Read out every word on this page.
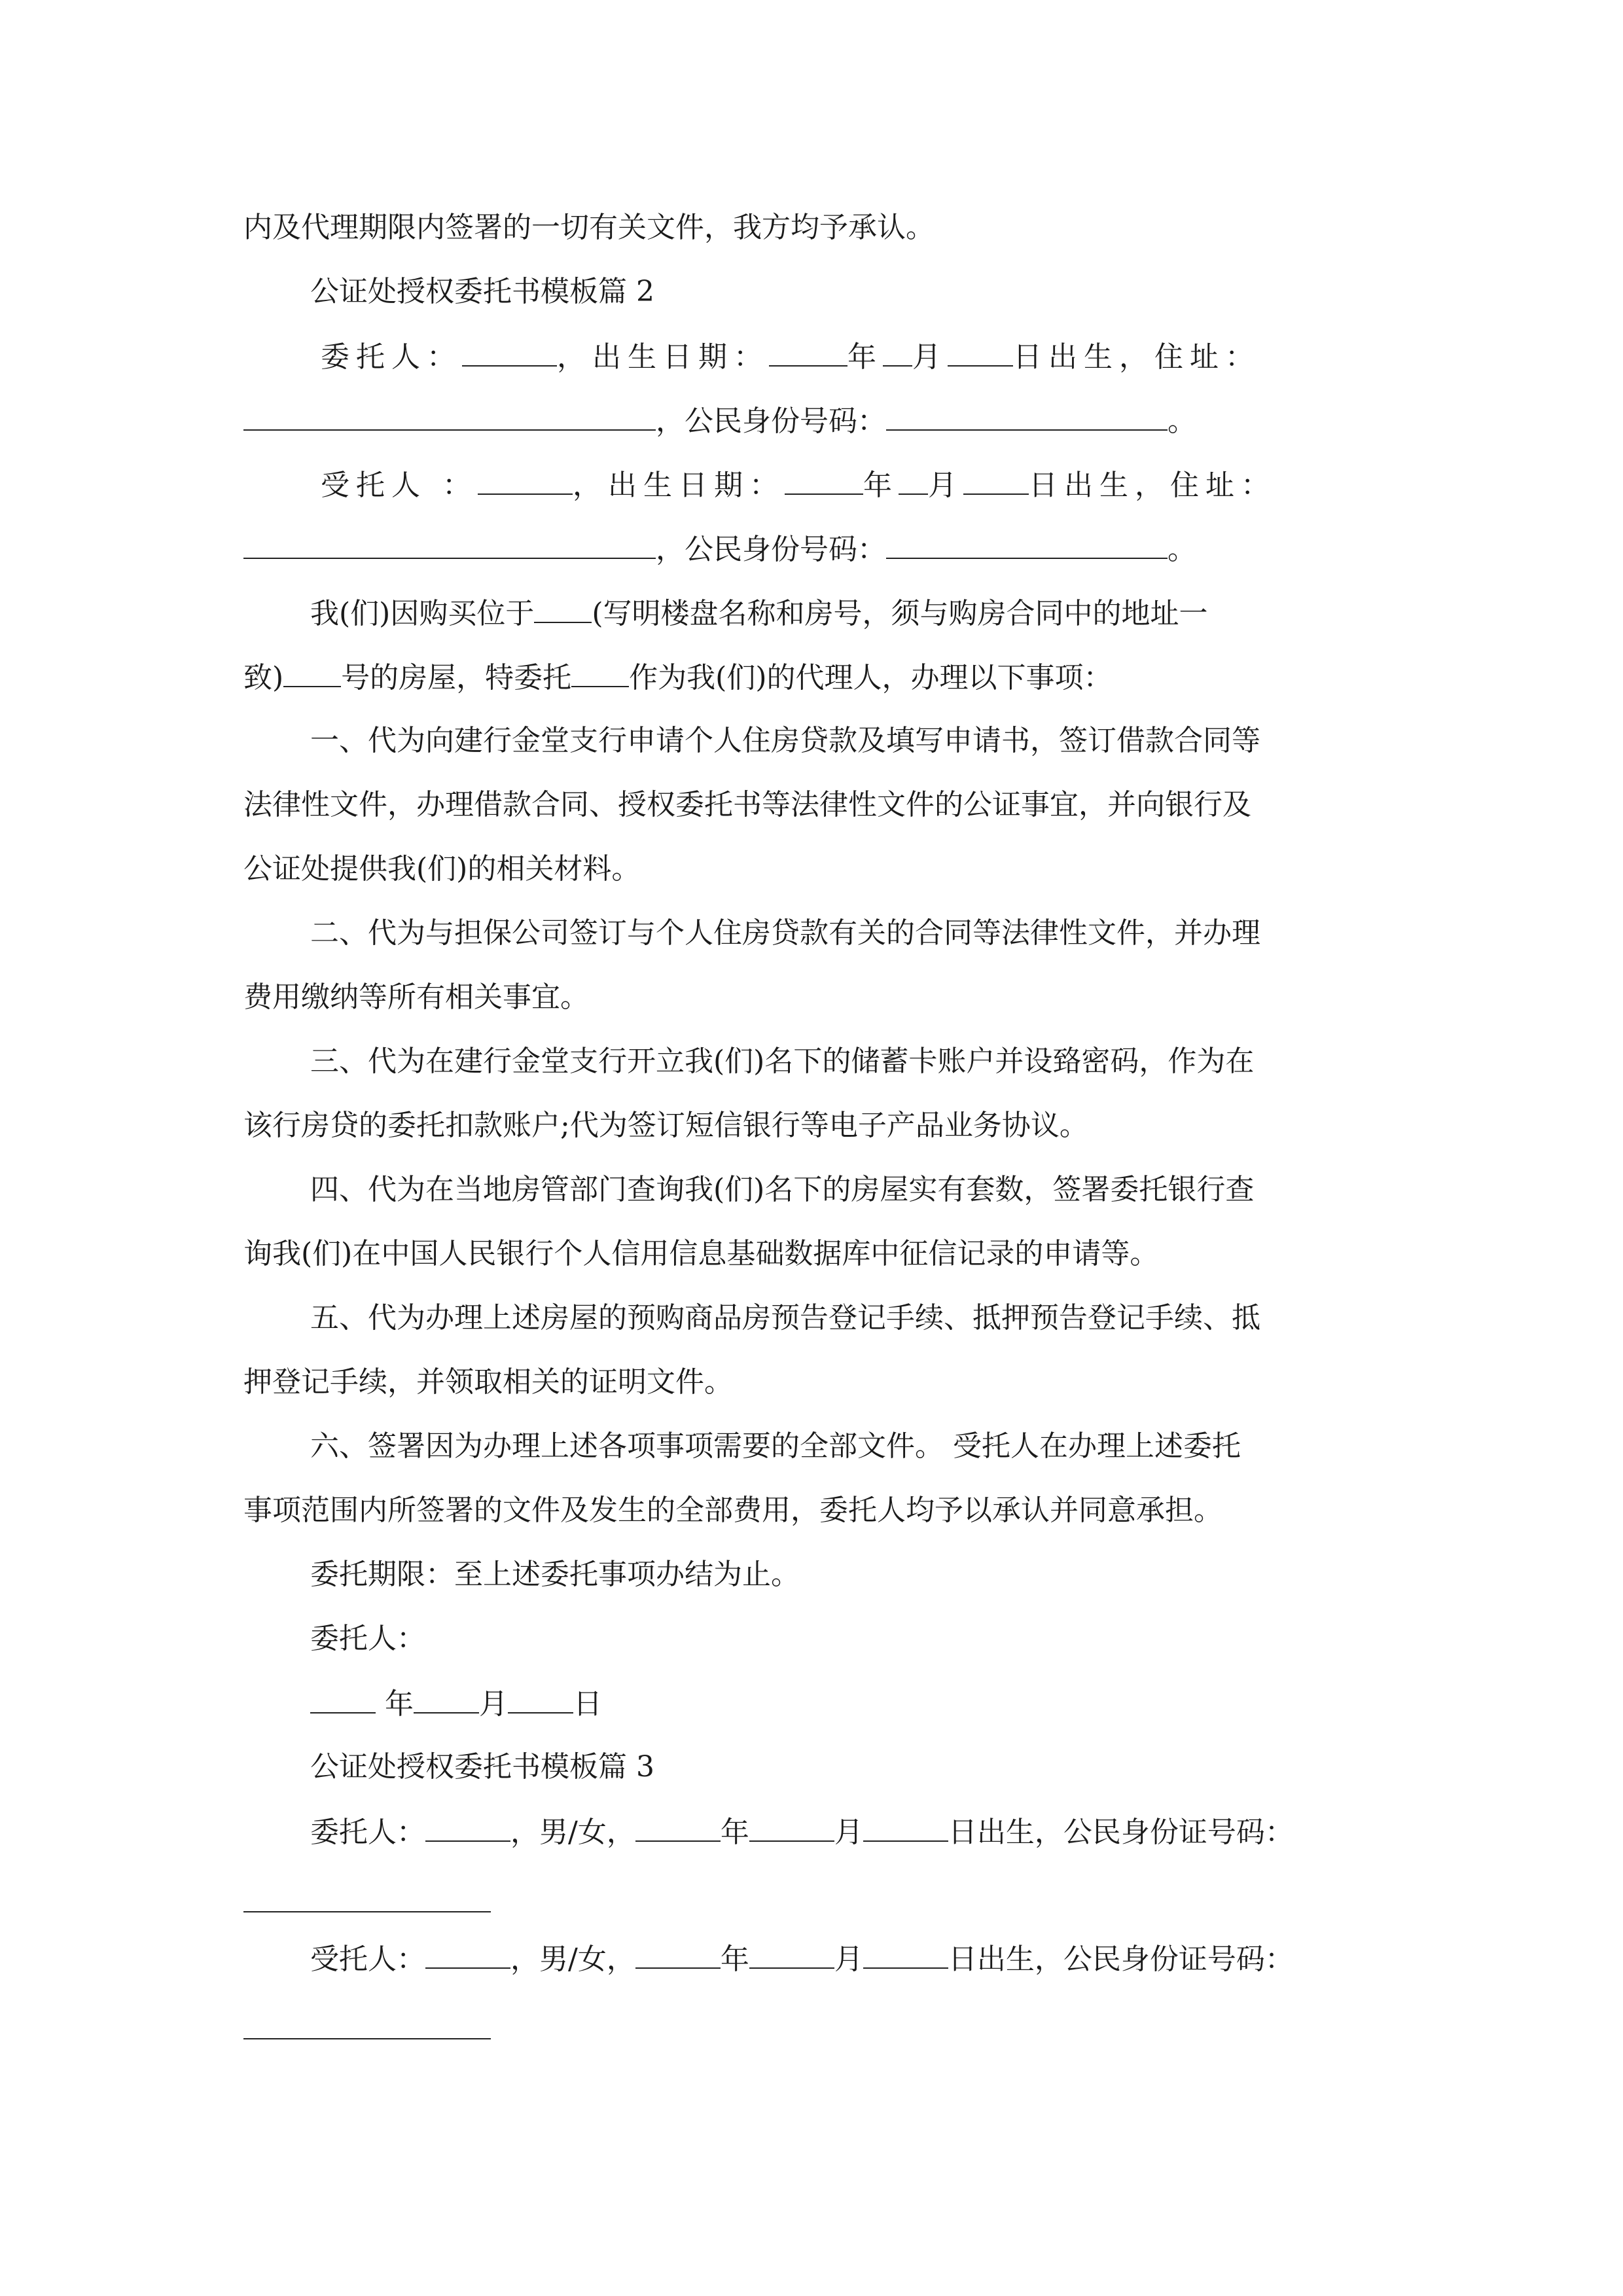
内及代理期限内签署的一切有关文件，我方均予承认。
公证处授权委托书模板篇 2
委托人：	，出生日期：	年 月 日出生，住址：
，公民身份号码：	。
受托人 ：	，出生日期：	年 月 日出生，住址：
，公民身份号码：	。
我(们)因购买位于 (写明楼盘名称和房号，须与购房合同中的地址一
致) 号的房屋，特委托 作为我(们)的代理人，办理以下事项：
一、代为向建行金堂支行申请个人住房贷款及填写申请书，签订借款合同等
法律性文件，办理借款合同、授权委托书等法律性文件的公证事宜，并向银行及
公证处提供我(们)的相关材料。
二、代为与担保公司签订与个人住房贷款有关的合同等法律性文件，并办理
费用缴纳等所有相关事宜。
三、代为在建行金堂支行开立我(们)名下的储蓄卡账户并设臵密码，作为在
该行房贷的委托扣款账户;代为签订短信银行等电子产品业务协议。
四、代为在当地房管部门查询我(们)名下的房屋实有套数，签署委托银行查
询我(们)在中国人民银行个人信用信息基础数据库中征信记录的申请等。
五、代为办理上述房屋的预购商品房预告登记手续、抵押预告登记手续、抵
押登记手续，并领取相关的证明文件。
六、签署因为办理上述各项事项需要的全部文件。 受托人在办理上述委托
事项范围内所签署的文件及发生的全部费用，委托人均予以承认并同意承担。
委托期限：至上述委托事项办结为止。
委托人：
年 月 日
公证处授权委托书模板篇 3
委托人：	，男/女，	年	月	日出生，公民身份证号码：
受托人：	，男/女，	年	月	日出生，公民身份证号码：
